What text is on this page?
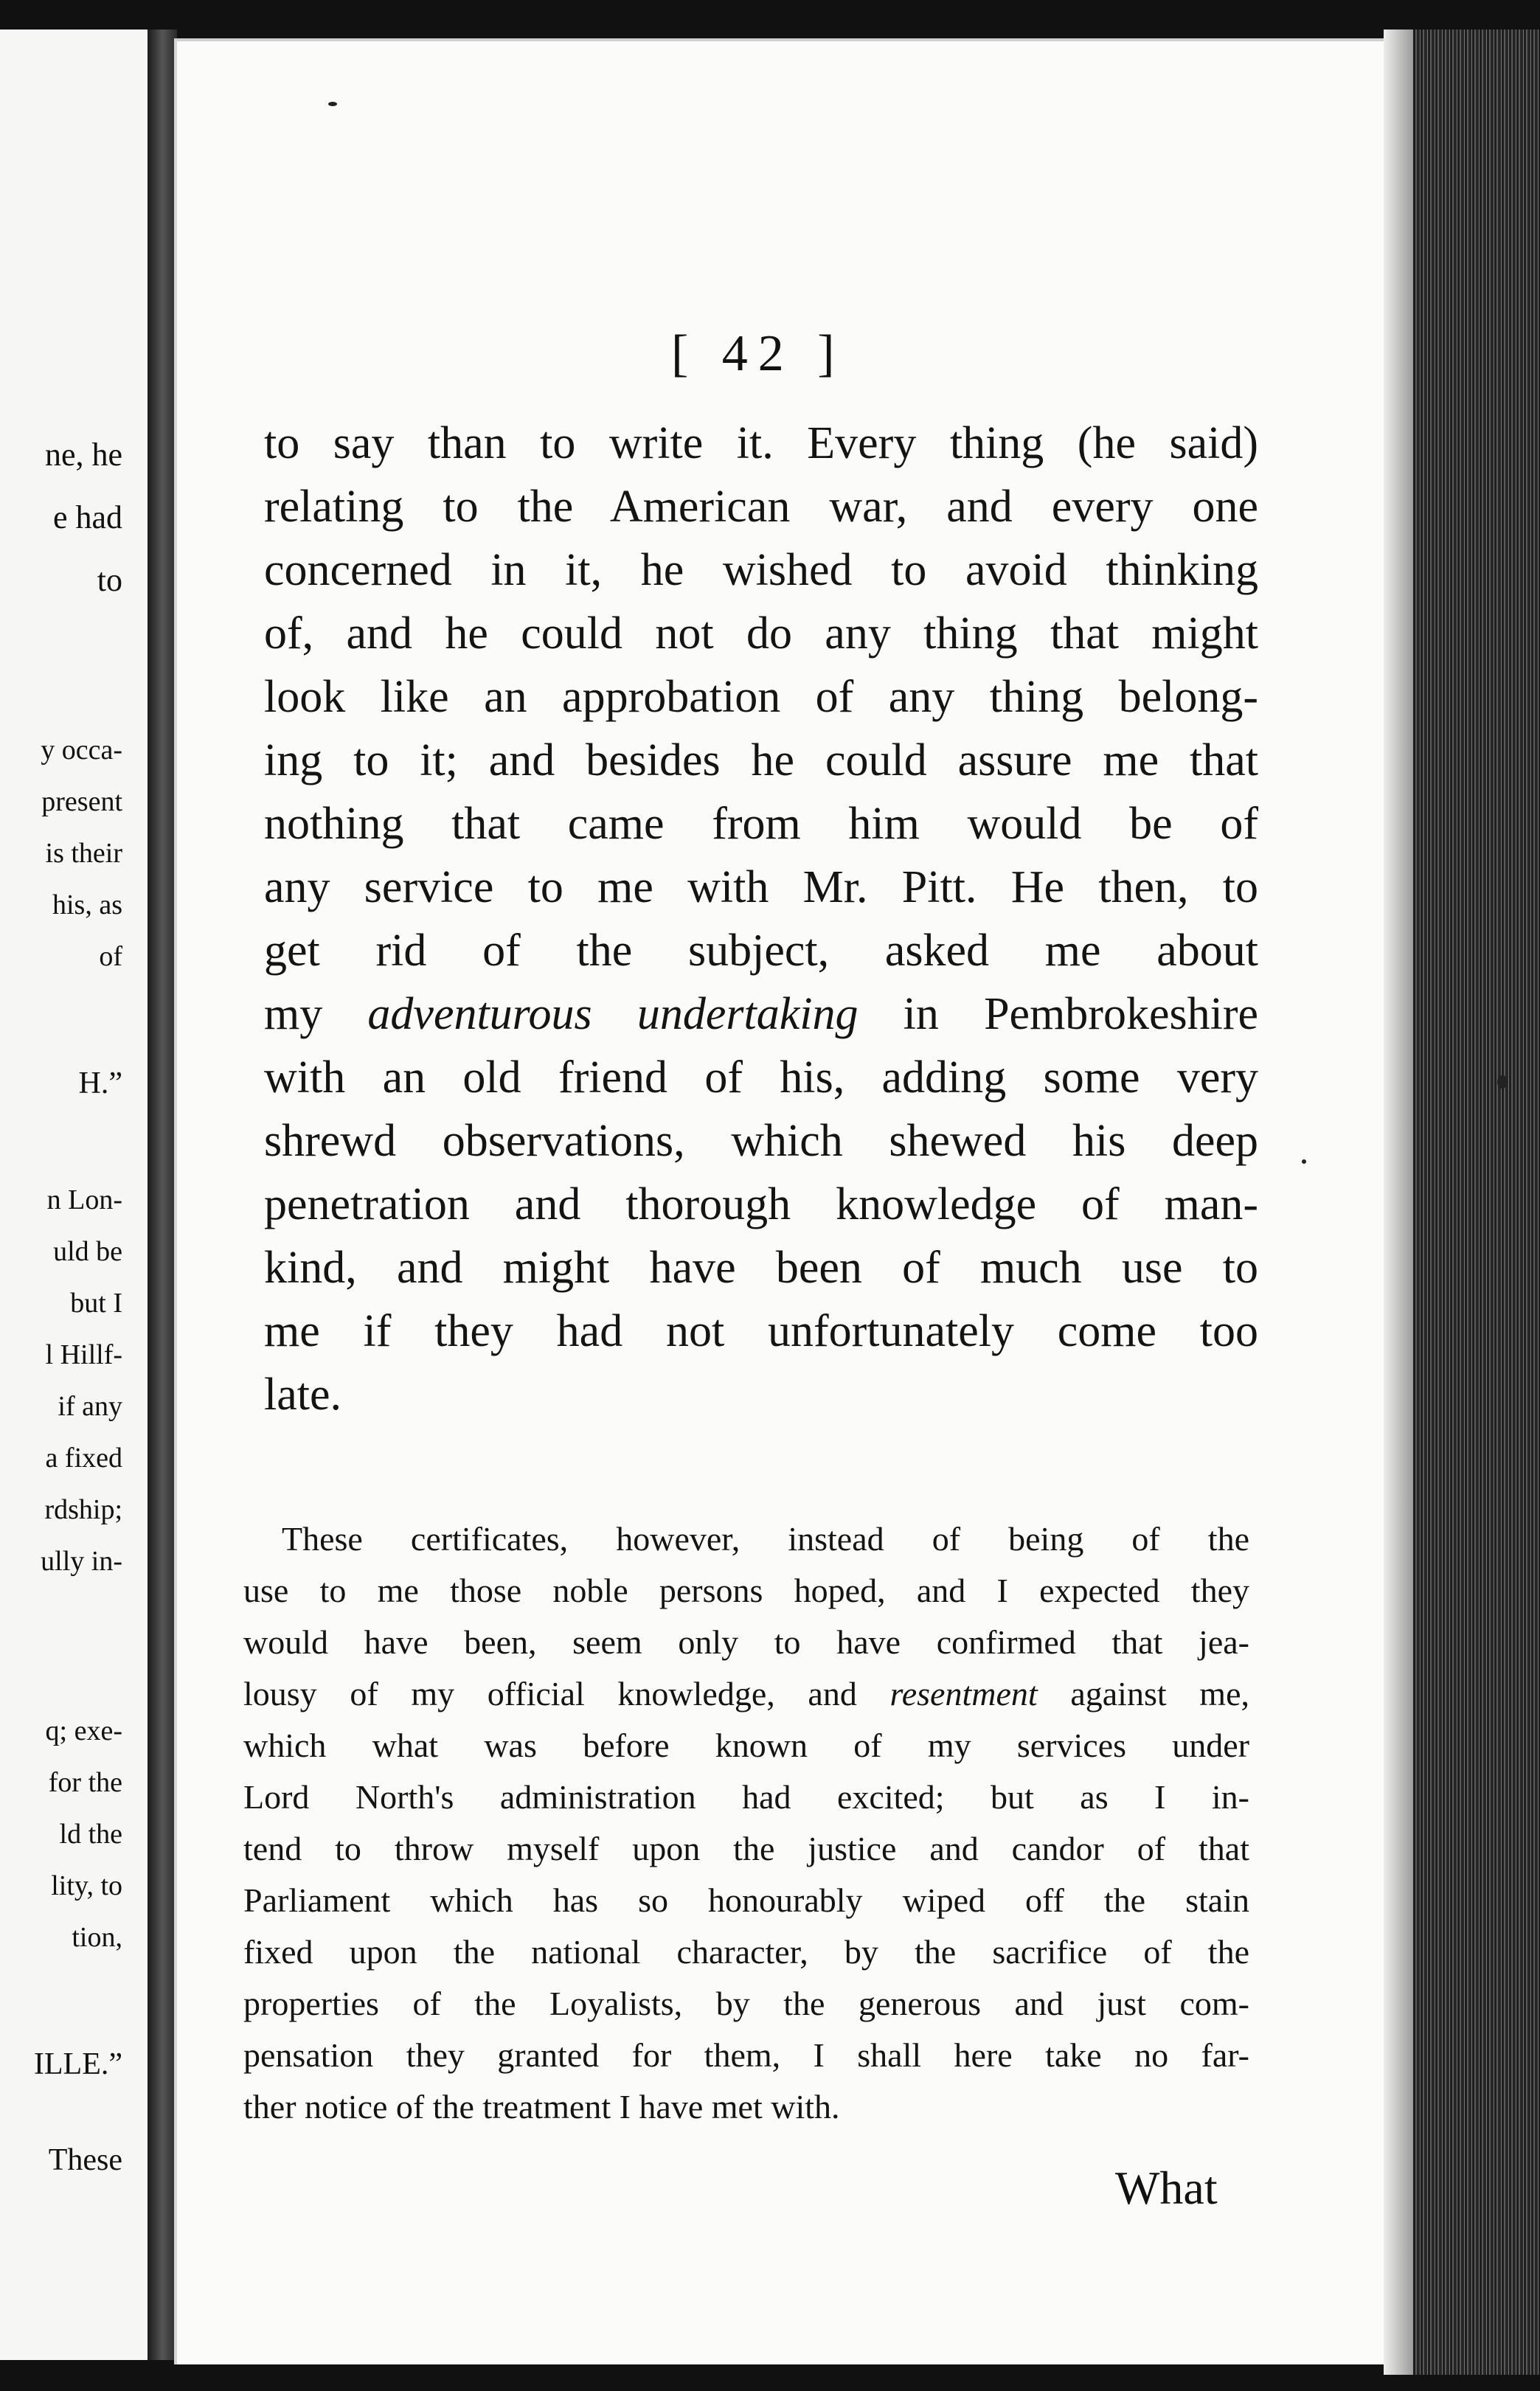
ne, he
e had
to
y occa-
present
is their
his, as
of
H.”
n Lon-
uld be
but I
l Hillf-
if any
a fixed
rdship;
ully in-
q; exe-
for the
ld the
lity, to
tion,
ILLE.”
These
[ 42 ]
to say than to write it. Every thing (he said)
relating to the American war, and every one
concerned in it, he wished to avoid thinking
of, and he could not do any thing that might
look like an approbation of any thing belong-
ing to it; and besides he could assure me that
nothing that came from him would be of
any service to me with Mr. Pitt. He then, to
get rid of the subject, asked me about
my adventurous undertaking in Pembrokeshire
with an old friend of his, adding some very
shrewd observations, which shewed his deep
penetration and thorough knowledge of man-
kind, and might have been of much use to
me if they had not unfortunately come too
late.
These certificates, however, instead of being of the
use to me those noble persons hoped, and I expected they
would have been, seem only to have confirmed that jea-
lousy of my official knowledge, and resentment against me,
which what was before known of my services under
Lord North's administration had excited; but as I in-
tend to throw myself upon the justice and candor of that
Parliament which has so honourably wiped off the stain
fixed upon the national character, by the sacrifice of the
properties of the Loyalists, by the generous and just com-
pensation they granted for them, I shall here take no far-
ther notice of the treatment I have met with.
What
